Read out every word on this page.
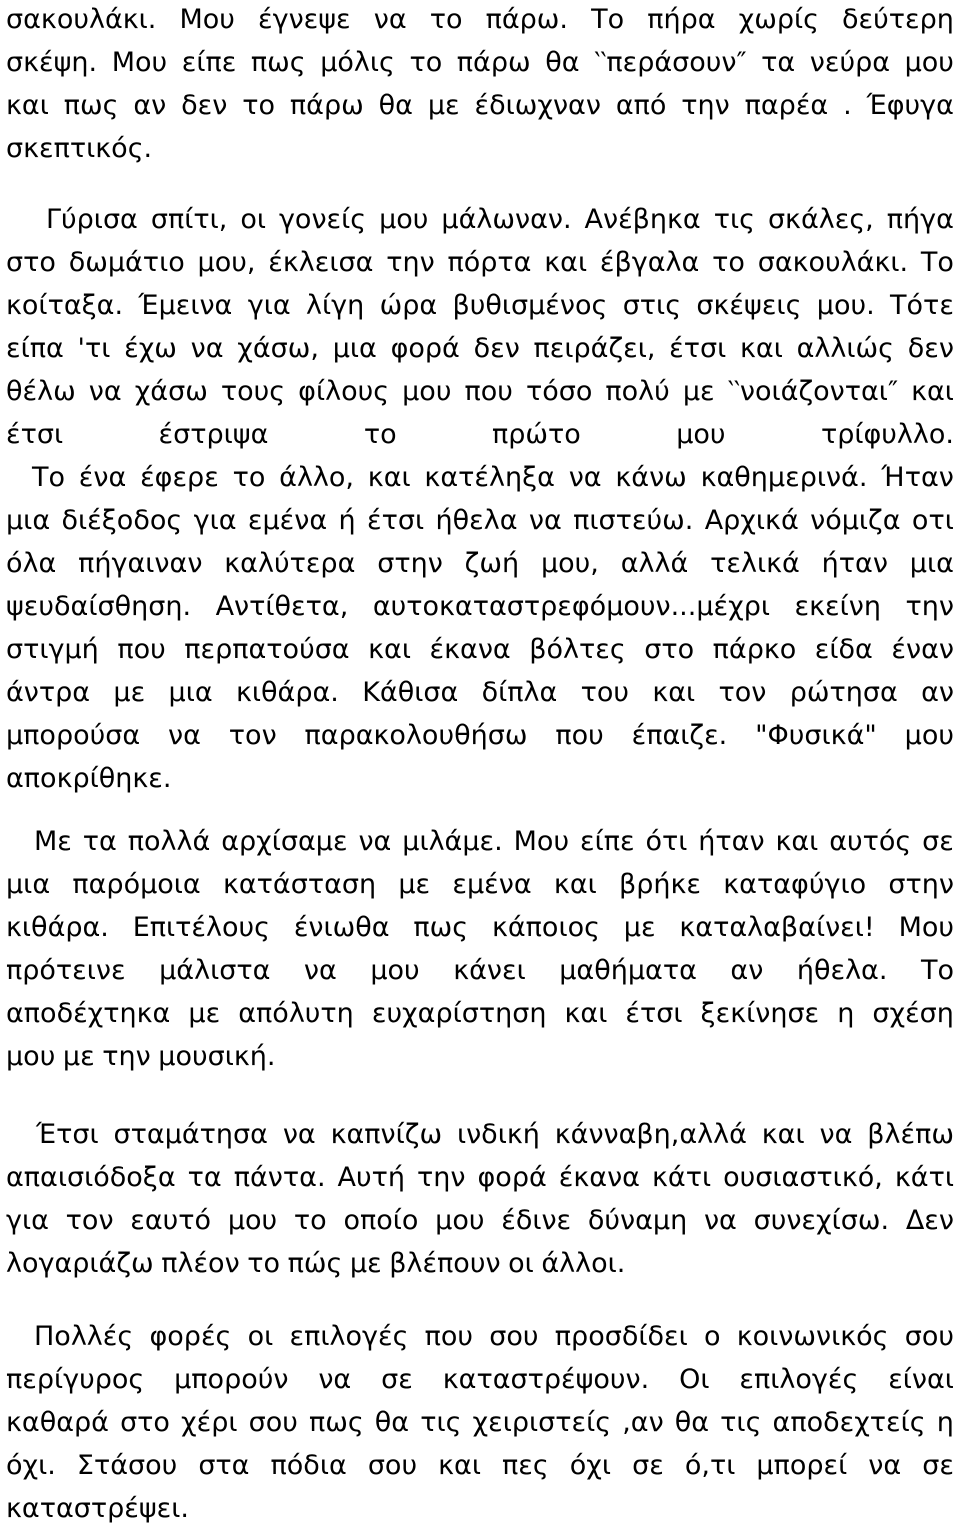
σακουλάκι. Μου έγνεψε να το πάρω. Το πήρα χωρίς δεύτερη
σκέψη. Μου είπε πως μόλις το πάρω θα ‵‵περάσουν″ τα νεύρα μου
και πως αν δεν το πάρω θα με έδιωχναν από την παρέα . Έφυγα
σκεπτικός.
Γύρισα σπίτι, οι γονείς μου μάλωναν. Ανέβηκα τις σκάλες, πήγα
στο δωμάτιο μου, έκλεισα την πόρτα και έβγαλα το σακουλάκι. Το
κοίταξα. Έμεινα για λίγη ώρα βυθισμένος στις σκέψεις μου. Τότε
είπα 'τι έχω να χάσω, μια φορά δεν πειράζει, έτσι και αλλιώς δεν
θέλω να χάσω τους φίλους μου που τόσο πολύ με ‵‵νοιάζονται″ και
έτσι	έστριψα	το	πρώτο	μου	τρίφυλλο.
Το ένα έφερε το άλλο, και κατέληξα να κάνω καθημερινά. Ήταν
μια διέξοδος για εμένα ή έτσι ήθελα να πιστεύω. Αρχικά νόμιζα οτι
όλα πήγαιναν καλύτερα στην ζωή μου, αλλά τελικά ήταν μια
ψευδαίσθηση. Αντίθετα, αυτοκαταστρεφόμουν...μέχρι εκείνη την
στιγμή που περπατούσα και έκανα βόλτες στο πάρκο είδα έναν
άντρα με μια κιθάρα. Κάθισα δίπλα του και τον ρώτησα αν
μπορούσα να τον παρακολουθήσω που έπαιζε. "Φυσικά" μου
αποκρίθηκε.
Με τα πολλά αρχίσαμε να μιλάμε. Μου είπε ότι ήταν και αυτός σε
μια παρόμοια κατάσταση με εμένα και βρήκε καταφύγιο στην
κιθάρα. Επιτέλους ένιωθα πως κάποιος με καταλαβαίνει! Μου
πρότεινε μάλιστα να μου κάνει μαθήματα αν ήθελα. Το
αποδέχτηκα με απόλυτη ευχαρίστηση και έτσι ξεκίνησε η σχέση
μου με την μουσική.
Έτσι σταμάτησα να καπνίζω ινδική κάνναβη,αλλά και να βλέπω
απαισιόδοξα τα πάντα. Αυτή την φορά έκανα κάτι ουσιαστικό, κάτι
για τον εαυτό μου το οποίο μου έδινε δύναμη να συνεχίσω. Δεν
λογαριάζω πλέον το πώς με βλέπουν οι άλλοι.
Πολλές φορές οι επιλογές που σου προσδίδει ο κοινωνικός σου
περίγυρος μπορούν να σε καταστρέψουν. Οι επιλογές είναι
καθαρά στο χέρι σου πως θα τις χειριστείς ,αν θα τις αποδεχτείς η
όχι. Στάσου στα πόδια σου και πες όχι σε ό,τι μπορεί να σε
καταστρέψει.
